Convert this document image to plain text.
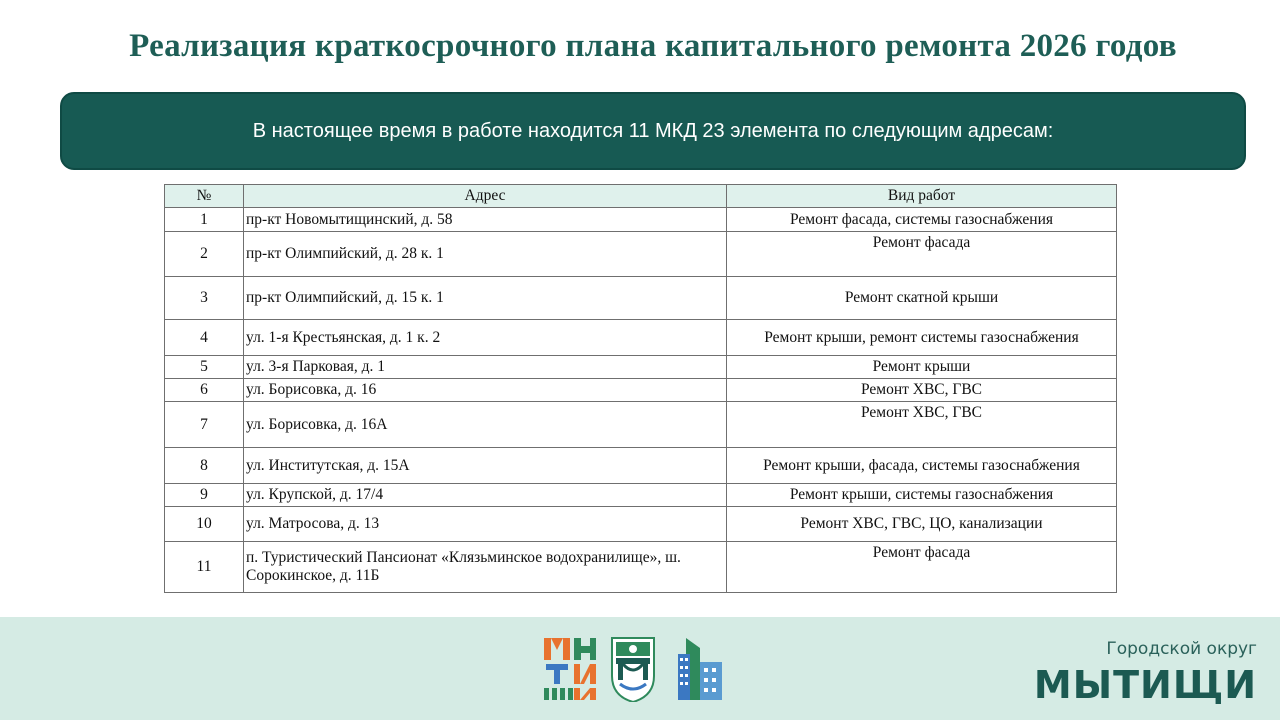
Реализация краткосрочного плана капитального ремонта 2026 годов
В настоящее время в работе находится 11 МКД 23 элемента по следующим адресам:
№	Адрес	Вид работ
1	пр-кт Новомытищинский, д. 58	Ремонт фасада, системы газоснабжения
2	пр-кт Олимпийский, д. 28 к. 1	Ремонт фасада
3	пр-кт Олимпийский, д. 15 к. 1	Ремонт скатной крыши
4	ул. 1-я Крестьянская, д. 1 к. 2	Ремонт крыши, ремонт системы газоснабжения
5	ул. 3-я Парковая, д. 1	Ремонт крыши
6	ул. Борисовка, д. 16	Ремонт ХВС, ГВС
7	ул. Борисовка, д. 16А	Ремонт ХВС, ГВС
8	ул. Институтская, д. 15А	Ремонт крыши, фасада, системы газоснабжения
9	ул. Крупской, д. 17/4	Ремонт крыши, системы газоснабжения
10	ул. Матросова, д. 13	Ремонт ХВС, ГВС, ЦО, канализации
11	п. Туристический Пансионат «Клязьминское водохранилище», ш. Сорокинское, д. 11Б	Ремонт фасада
Городской округ
МЫТИЩИ
